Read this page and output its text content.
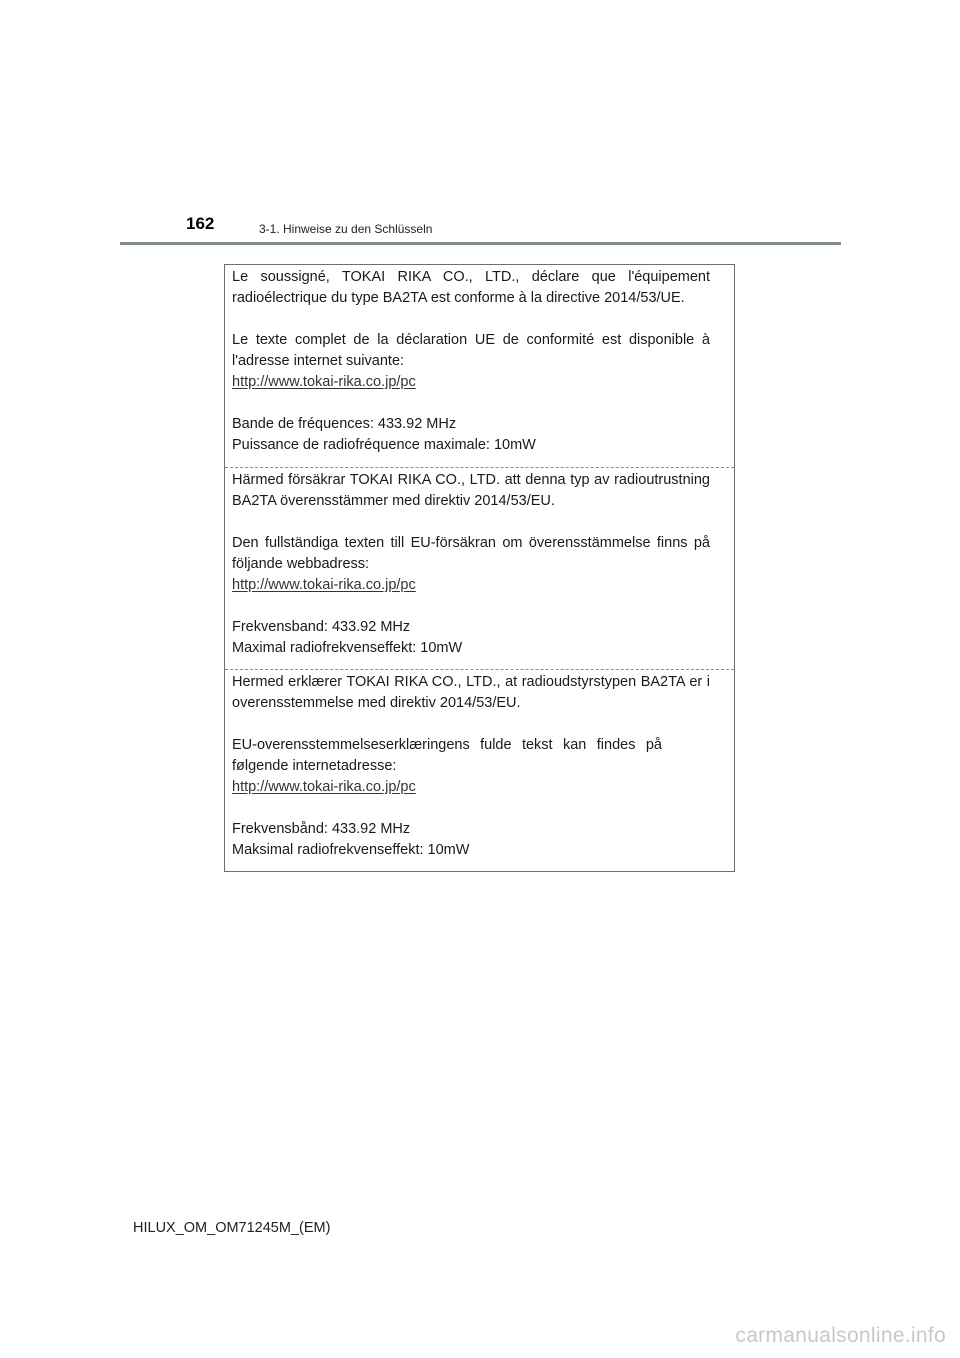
162	3-1. Hinweise zu den Schlüsseln

Le soussigné, TOKAI RIKA CO., LTD., déclare que l'équipement radioélectrique du type BA2TA est conforme à la directive 2014/53/UE.

Le texte complet de la déclaration UE de conformité est disponible à l'adresse internet suivante:

http://www.tokai-rika.co.jp/pc

Bande de fréquences: 433.92 MHz

Puissance de radiofréquence maximale: 10mW

Härmed försäkrar TOKAI RIKA CO., LTD. att denna typ av radioutrustning BA2TA överensstämmer med direktiv 2014/53/EU.

Den fullständiga texten till EU-försäkran om överensstämmelse finns på följande webbadress:

http://www.tokai-rika.co.jp/pc

Frekvensband: 433.92 MHz

Maximal radiofrekvenseffekt: 10mW

Hermed erklærer TOKAI RIKA CO., LTD., at radioudstyrstypen BA2TA er i overensstemmelse med direktiv 2014/53/EU.

EU-overensstemmelseserklæringens fulde tekst kan findes på følgende internetadresse:

http://www.tokai-rika.co.jp/pc

Frekvensbånd: 433.92 MHz

Maksimal radiofrekvenseffekt: 10mW

HILUX_OM_OM71245M_(EM)
carmanualsonline.info
